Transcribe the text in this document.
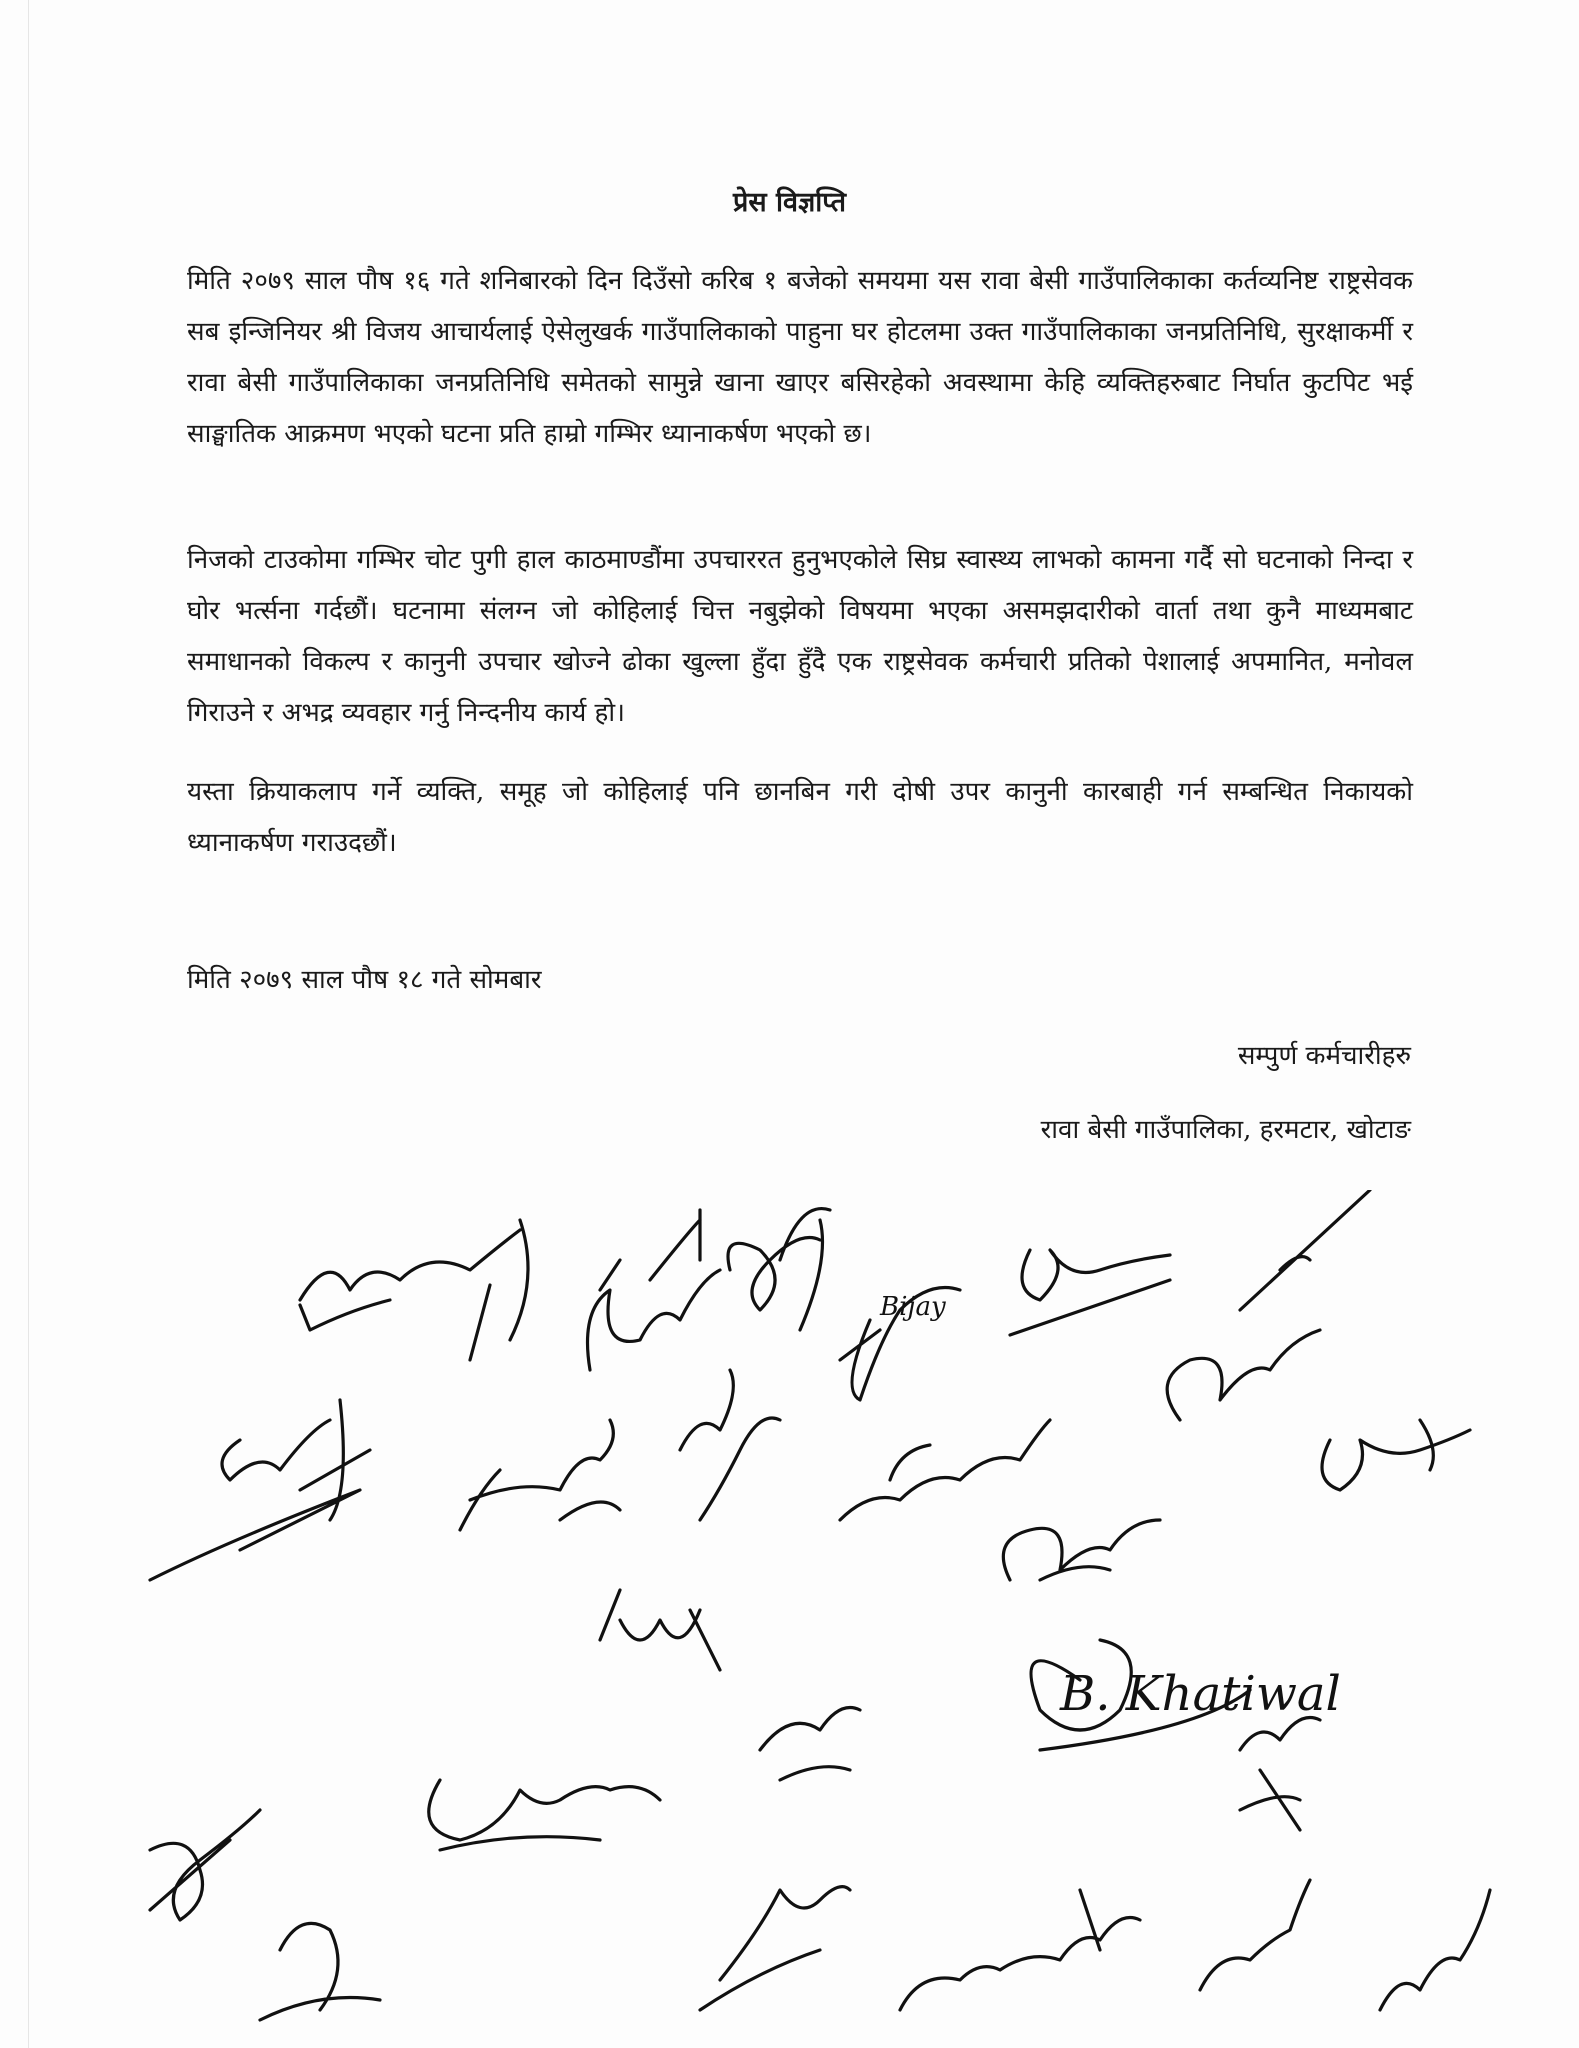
प्रेस विज्ञप्ति

मिति २०७९ साल पौष १६ गते शनिबारको दिन दिउँसो करिब १ बजेको समयमा यस रावा बेसी गाउँपालिकाका कर्तव्यनिष्ट राष्ट्रसेवक सब इन्जिनियर श्री विजय आचार्यलाई ऐसेलुखर्क गाउँपालिकाको पाहुना घर होटलमा उक्त गाउँपालिकाका जनप्रतिनिधि, सुरक्षाकर्मी र रावा बेसी गाउँपालिकाका जनप्रतिनिधि समेतको सामुन्ने खाना खाएर बसिरहेको अवस्थामा केहि व्यक्तिहरुबाट निर्घात कुटपिट भई साङ्घातिक आक्रमण भएको घटना प्रति हाम्रो गम्भिर ध्यानाकर्षण भएको छ।

निजको टाउकोमा गम्भिर चोट पुगी हाल काठमाण्डौंमा उपचाररत हुनुभएकोले सिघ्र स्वास्थ्य लाभको कामना गर्दै सो घटनाको निन्दा र घोर भर्त्सना गर्दछौं। घटनामा संलग्न जो कोहिलाई चित्त नबुझेको विषयमा भएका असमझदारीको वार्ता तथा कुनै माध्यमबाट समाधानको विकल्प र कानुनी उपचार खोज्ने ढोका खुल्ला हुँदा हुँदै एक राष्ट्रसेवक कर्मचारी प्रतिको पेशालाई अपमानित, मनोवल गिराउने र अभद्र व्यवहार गर्नु निन्दनीय कार्य हो।

यस्ता क्रियाकलाप गर्ने व्यक्ति, समूह जो कोहिलाई पनि छानबिन गरी दोषी उपर कानुनी कारबाही गर्न सम्बन्धित निकायको ध्यानाकर्षण गराउदछौं।

मिति २०७९ साल पौष १८ गते सोमबार
सम्पुर्ण कर्मचारीहरु
रावा बेसी गाउँपालिका, हरमटार, खोटाङ
Bijay
B. Khatiwal
